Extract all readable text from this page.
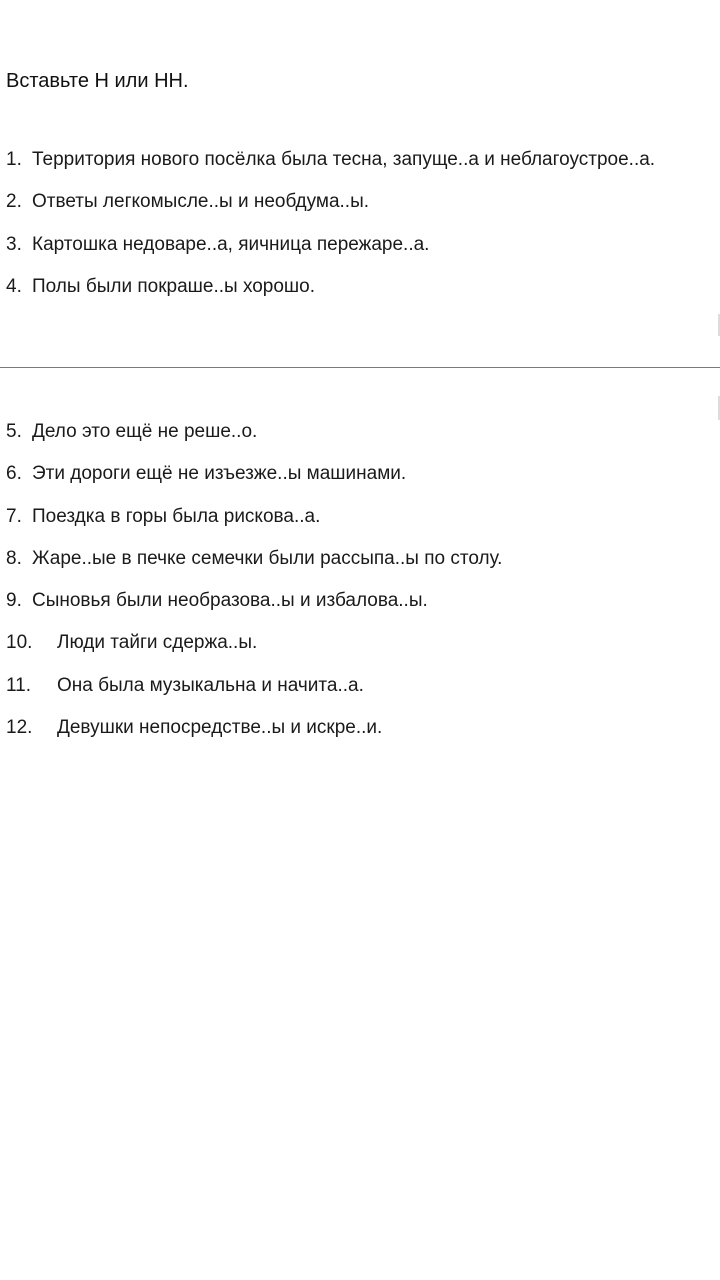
Вставьте Н или НН.
1. Территория нового посёлка была тесна, запуще..а и неблагоустрое..а.
2. Ответы легкомысле..ы и необдума..ы.
3. Картошка недоваре..а, яичница пережаре..а.
4. Полы были покраше..ы хорошо.
5. Дело это ещё не реше..о.
6. Эти дороги ещё не изъезже..ы машинами.
7. Поездка в горы была рискова..а.
8. Жаре..ые в печке семечки были рассыпа..ы по столу.
9. Сыновья были необразова..ы и избалова..ы.
10.	Люди тайги сдержа..ы.
11.	Она была музыкальна и начита..а.
12.	Девушки непосредстве..ы и искре..и.
